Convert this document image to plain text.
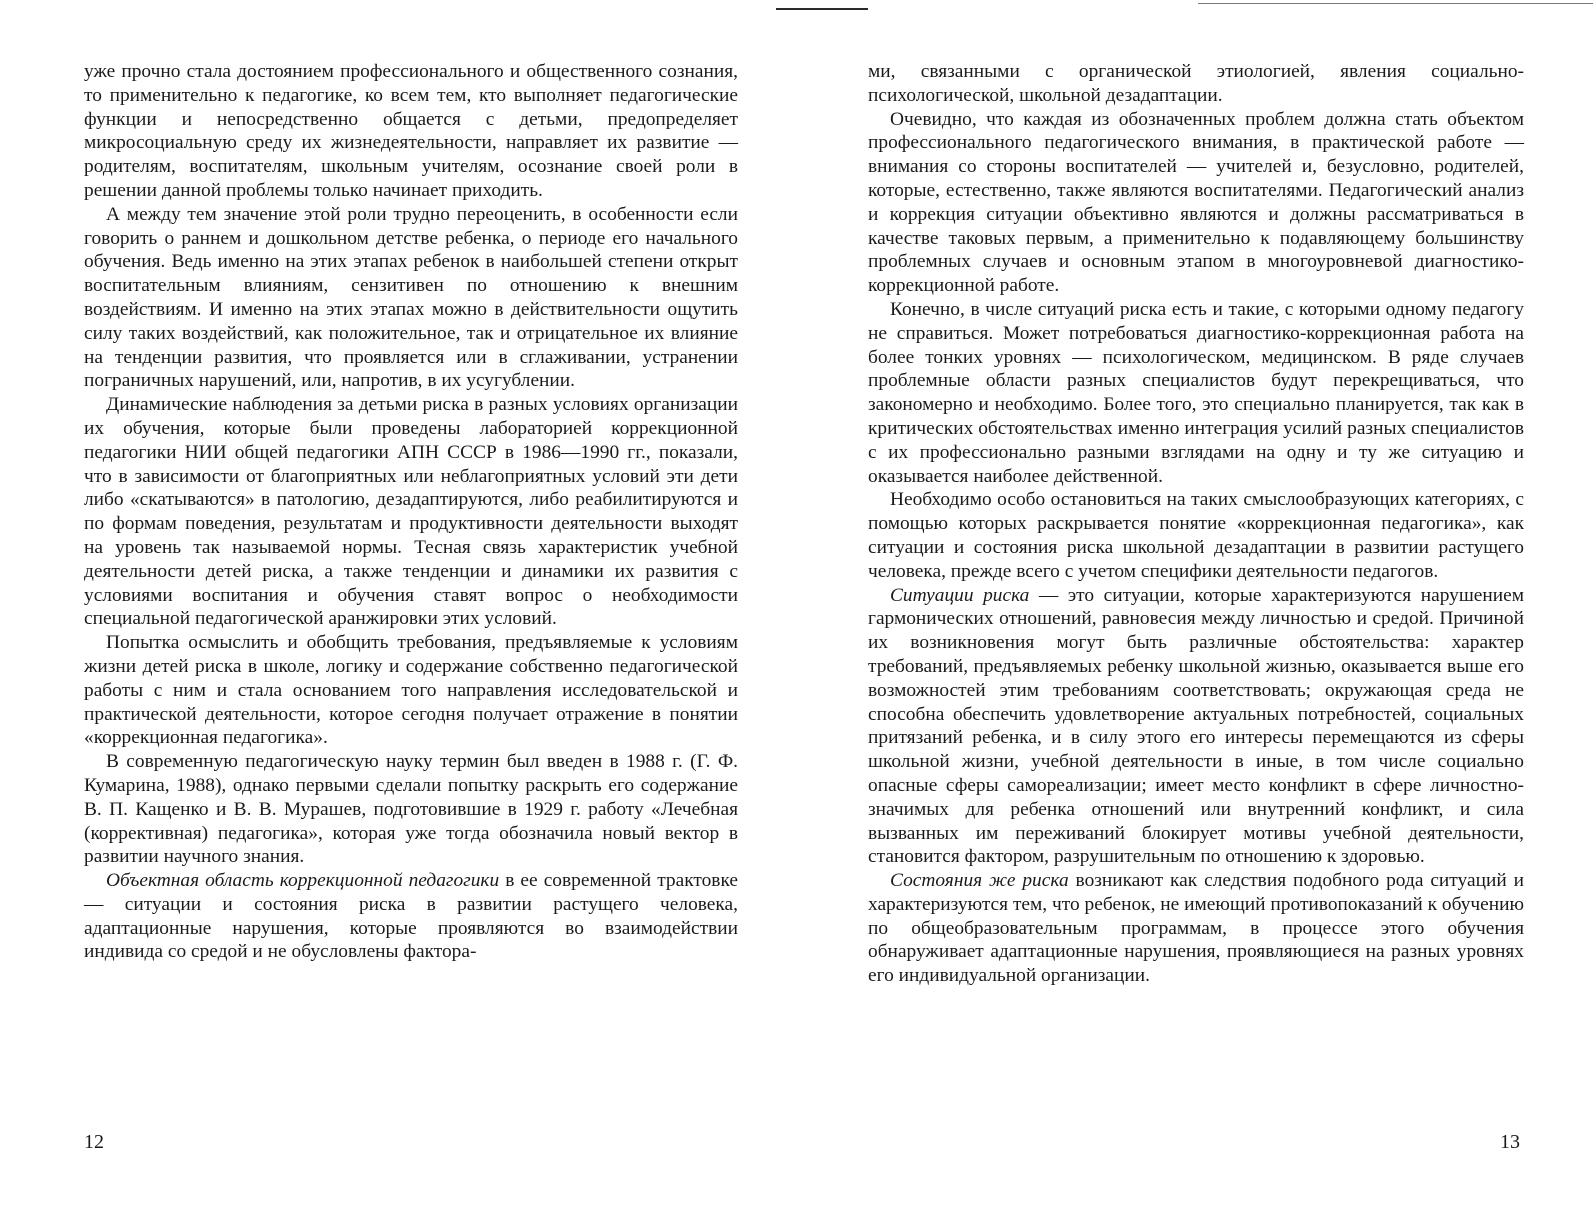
уже прочно стала достоянием профессионального и общественного сознания, то применительно к педагогике, ко всем тем, кто выполняет педагогические функции и непосредственно общается с детьми, предопределяет микросоциальную среду их жизнедеятельности, направляет их развитие — родителям, воспитателям, школьным учителям, осознание своей роли в решении данной проблемы только начинает приходить.

А между тем значение этой роли трудно переоценить, в особенности если говорить о раннем и дошкольном детстве ребенка, о периоде его начального обучения. Ведь именно на этих этапах ребенок в наибольшей степени открыт воспитательным влияниям, сензитивен по отношению к внешним воздействиям. И именно на этих этапах можно в действительности ощутить силу таких воздействий, как положительное, так и отрицательное их влияние на тенденции развития, что проявляется или в сглаживании, устранении пограничных нарушений, или, напротив, в их усугублении.

Динамические наблюдения за детьми риска в разных условиях организации их обучения, которые были проведены лабораторией коррекционной педагогики НИИ общей педагогики АПН СССР в 1986—1990 гг., показали, что в зависимости от благоприятных или неблагоприятных условий эти дети либо «скатываются» в патологию, дезадаптируются, либо реабилитируются и по формам поведения, результатам и продуктивности деятельности выходят на уровень так называемой нормы. Тесная связь характеристик учебной деятельности детей риска, а также тенденции и динамики их развития с условиями воспитания и обучения ставят вопрос о необходимости специальной педагогической аранжировки этих условий.

Попытка осмыслить и обобщить требования, предъявляемые к условиям жизни детей риска в школе, логику и содержание собственно педагогической работы с ним и стала основанием того направления исследовательской и практической деятельности, которое сегодня получает отражение в понятии «коррекционная педагогика».

В современную педагогическую науку термин был введен в 1988 г. (Г. Ф. Кумарина, 1988), однако первыми сделали попытку раскрыть его содержание В. П. Кащенко и В. В. Мурашев, подготовившие в 1929 г. работу «Лечебная (коррективная) педагогика», которая уже тогда обозначила новый вектор в развитии научного знания.

Объектная область коррекционной педагогики в ее современной трактовке — ситуации и состояния риска в развитии растущего человека, адаптационные нарушения, которые проявляются во взаимодействии индивида со средой и не обусловлены фактора-

12

ми, связанными с органической этиологией, явления социально-психологической, школьной дезадаптации.

Очевидно, что каждая из обозначенных проблем должна стать объектом профессионального педагогического внимания, в практической работе — внимания со стороны воспитателей — учителей и, безусловно, родителей, которые, естественно, также являются воспитателями. Педагогический анализ и коррекция ситуации объективно являются и должны рассматриваться в качестве таковых первым, а применительно к подавляющему большинству проблемных случаев и основным этапом в многоуровневой диагностико-коррекционной работе.

Конечно, в числе ситуаций риска есть и такие, с которыми одному педагогу не справиться. Может потребоваться диагностико-коррекционная работа на более тонких уровнях — психологическом, медицинском. В ряде случаев проблемные области разных специалистов будут перекрещиваться, что закономерно и необходимо. Более того, это специально планируется, так как в критических обстоятельствах именно интеграция усилий разных специалистов с их профессионально разными взглядами на одну и ту же ситуацию и оказывается наиболее действенной.

Необходимо особо остановиться на таких смыслообразующих категориях, с помощью которых раскрывается понятие «коррекционная педагогика», как ситуации и состояния риска школьной дезадаптации в развитии растущего человека, прежде всего с учетом специфики деятельности педагогов.

Ситуации риска — это ситуации, которые характеризуются нарушением гармонических отношений, равновесия между личностью и средой. Причиной их возникновения могут быть различные обстоятельства: характер требований, предъявляемых ребенку школьной жизнью, оказывается выше его возможностей этим требованиям соответствовать; окружающая среда не способна обеспечить удовлетворение актуальных потребностей, социальных притязаний ребенка, и в силу этого его интересы перемещаются из сферы школьной жизни, учебной деятельности в иные, в том числе социально опасные сферы самореализации; имеет место конфликт в сфере личностно-значимых для ребенка отношений или внутренний конфликт, и сила вызванных им переживаний блокирует мотивы учебной деятельности, становится фактором, разрушительным по отношению к здоровью.

Состояния же риска возникают как следствия подобного рода ситуаций и характеризуются тем, что ребенок, не имеющий противопоказаний к обучению по общеобразовательным программам, в процессе этого обучения обнаруживает адаптационные нарушения, проявляющиеся на разных уровнях его индивидуальной организации.

13
